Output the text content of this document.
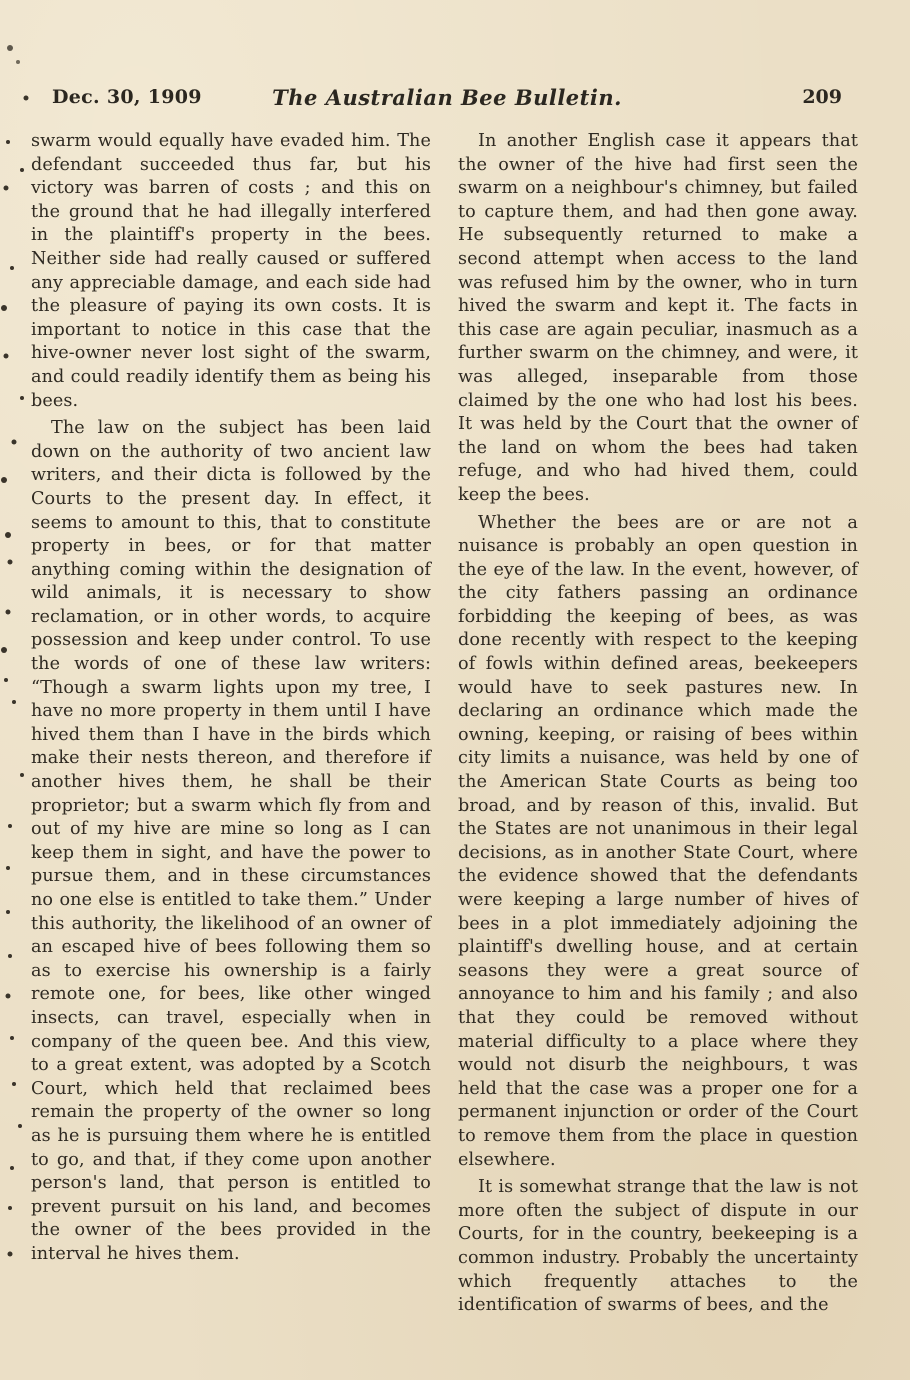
Dec. 30, 1909	The Australian Bee Bulletin.	209

swarm would equally have evaded him. The defendant succeeded thus far, but his victory was barren of costs ; and this on the ground that he had illegally interfered in the plaintiff's property in the bees. Neither side had really caused or suffered any appreciable damage, and each side had the pleasure of paying its own costs. It is important to notice in this case that the hive-owner never lost sight of the swarm, and could readily identify them as being his bees.

The law on the subject has been laid down on the authority of two ancient law writers, and their dicta is followed by the Courts to the present day. In effect, it seems to amount to this, that to constitute property in bees, or for that matter anything coming within the designation of wild animals, it is necessary to show reclamation, or in other words, to acquire possession and keep under control. To use the words of one of these law writers: “Though a swarm lights upon my tree, I have no more property in them until I have hived them than I have in the birds which make their nests thereon, and therefore if another hives them, he shall be their proprietor; but a swarm which fly from and out of my hive are mine so long as I can keep them in sight, and have the power to pursue them, and in these circumstances no one else is entitled to take them.” Under this authority, the likelihood of an owner of an escaped hive of bees following them so as to exercise his ownership is a fairly remote one, for bees, like other winged insects, can travel, especially when in company of the queen bee. And this view, to a great extent, was adopted by a Scotch Court, which held that reclaimed bees remain the property of the owner so long as he is pursuing them where he is entitled to go, and that, if they come upon another person's land, that person is entitled to prevent pursuit on his land, and becomes the owner of the bees provided in the interval he hives them.

In another English case it appears that the owner of the hive had first seen the swarm on a neighbour's chimney, but failed to capture them, and had then gone away. He subsequently returned to make a second attempt when access to the land was refused him by the owner, who in turn hived the swarm and kept it. The facts in this case are again peculiar, inasmuch as a further swarm on the chimney, and were, it was alleged, inseparable from those claimed by the one who had lost his bees. It was held by the Court that the owner of the land on whom the bees had taken refuge, and who had hived them, could keep the bees.

Whether the bees are or are not a nuisance is probably an open question in the eye of the law. In the event, however, of the city fathers passing an ordinance forbidding the keeping of bees, as was done recently with respect to the keeping of fowls within defined areas, beekeepers would have to seek pastures new. In declaring an ordinance which made the owning, keeping, or raising of bees within city limits a nuisance, was held by one of the American State Courts as being too broad, and by reason of this, invalid. But the States are not unanimous in their legal decisions, as in another State Court, where the evidence showed that the defendants were keeping a large number of hives of bees in a plot immediately adjoining the plaintiff's dwelling house, and at certain seasons they were a great source of annoyance to him and his family ; and also that they could be removed without material difficulty to a place where they would not disurb the neighbours, t was held that the case was a proper one for a permanent injunction or order of the Court to remove them from the place in question elsewhere.

It is somewhat strange that the law is not more often the subject of dispute in our Courts, for in the country, beekeeping is a common industry. Probably the uncertainty which frequently attaches to the identification of swarms of bees, and the
